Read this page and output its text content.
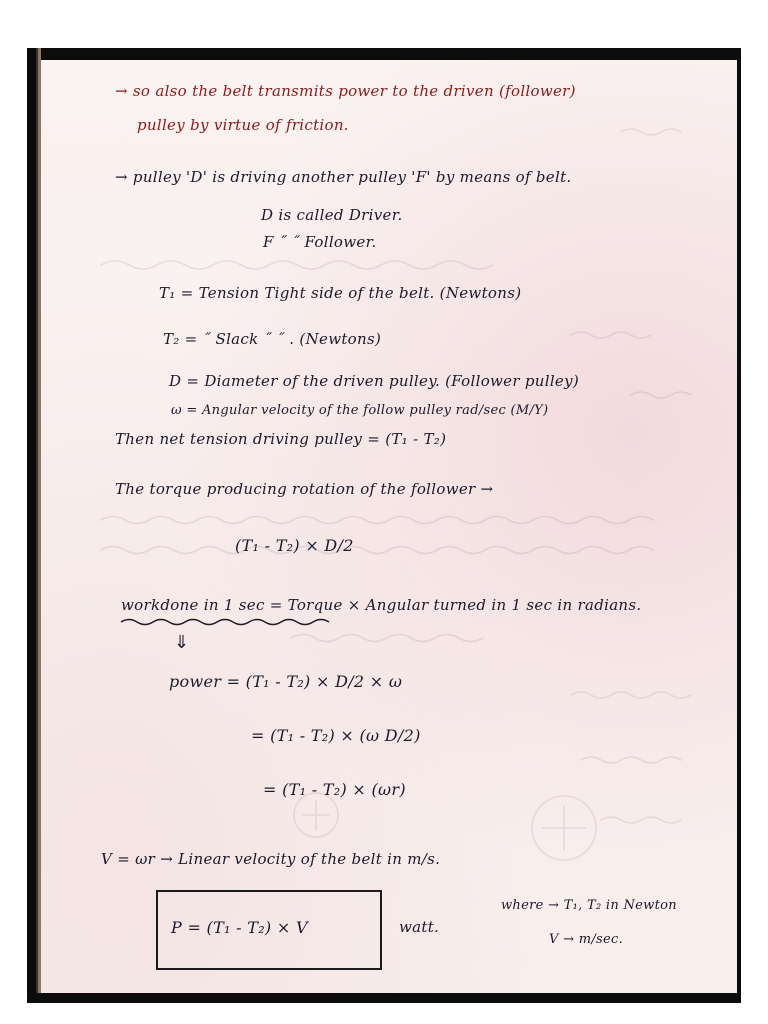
→ so also the belt transmits power to the driven (follower)
pulley by virtue of friction.
→ pulley 'D' is driving another pulley 'F' by means of belt.
D is called Driver.
F ˝ ˝ Follower.
T₁ = Tension Tight side of the belt. (Newtons)
T₂ = ˝ Slack ˝ ˝ . (Newtons)
D = Diameter of the driven pulley. (Follower pulley)
ω = Angular velocity of the follow pulley rad/sec (M/Y)
Then net tension driving pulley = (T₁ - T₂)
The torque producing rotation of the follower →
(T₁ - T₂) × D/2
workdone in 1 sec = Torque × Angular turned in 1 sec in radians.
⇓
power = (T₁ - T₂) × D/2 × ω
= (T₁ - T₂) × (ω D/2)
= (T₁ - T₂) × (ωr)
V = ωr → Linear velocity of the belt in m/s.
P = (T₁ - T₂) × V	watt.
where → T₁, T₂ in Newton
V → m/sec.
